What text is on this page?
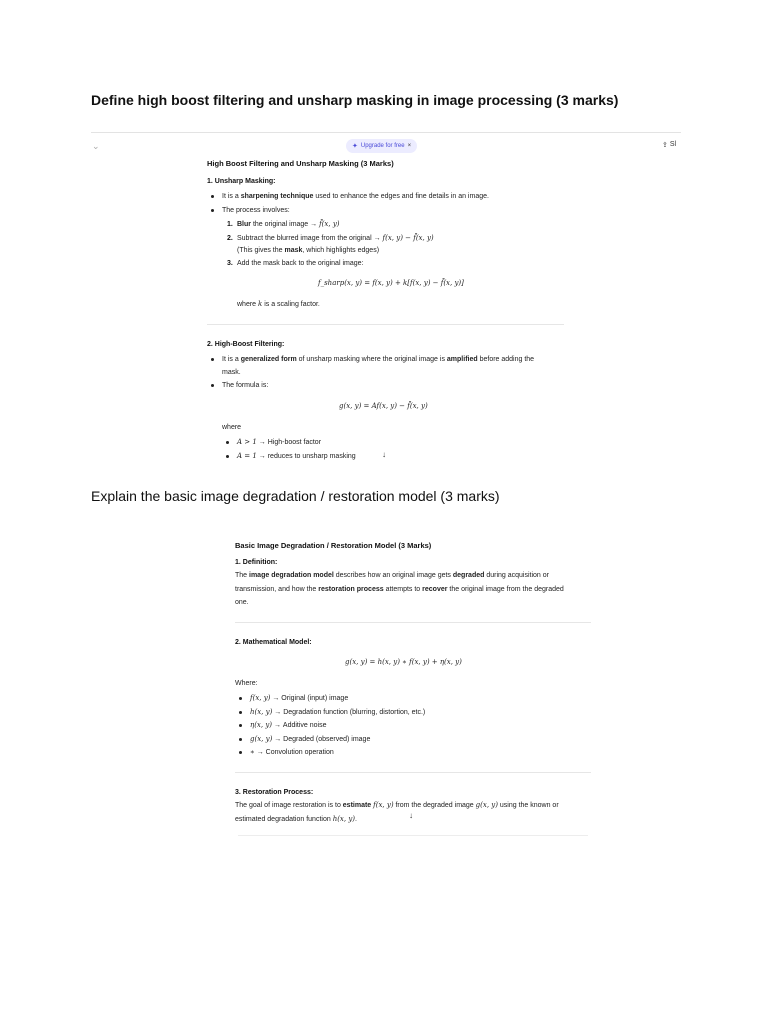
Define high boost filtering and unsharp masking in image processing (3 marks)
⌄	✦ Upgrade for free ×	⇪ Sl
High Boost Filtering and Unsharp Masking (3 Marks)
1. Unsharp Masking:
It is a sharpening technique used to enhance the edges and fine details in an image.
The process involves:
1. Blur the original image → f̄(x, y)
2. Subtract the blurred image from the original → f(x, y) − f̄(x, y)
(This gives the mask, which highlights edges)
3. Add the mask back to the original image:
f_sharp(x, y) = f(x, y) + k[f(x, y) − f̄(x, y)]
where k is a scaling factor.
2. High-Boost Filtering:
It is a generalized form of unsharp masking where the original image is amplified before adding the
mask.
The formula is:
g(x, y) = Af(x, y) − f̄(x, y)
where
A > 1 → High-boost factor
A = 1 → reduces to unsharp masking	↓
Explain the basic image degradation / restoration model (3 marks)
Basic Image Degradation / Restoration Model (3 Marks)
1. Definition:
The image degradation model describes how an original image gets degraded during acquisition or
transmission, and how the restoration process attempts to recover the original image from the degraded
one.
2. Mathematical Model:
g(x, y) = h(x, y) ∗ f(x, y) + η(x, y)
Where:
f(x, y) → Original (input) image
h(x, y) → Degradation function (blurring, distortion, etc.)
η(x, y) → Additive noise
g(x, y) → Degraded (observed) image
∗ → Convolution operation
3. Restoration Process:
The goal of image restoration is to estimate f(x, y) from the degraded image g(x, y) using the known or
estimated degradation function h(x, y).	↓
